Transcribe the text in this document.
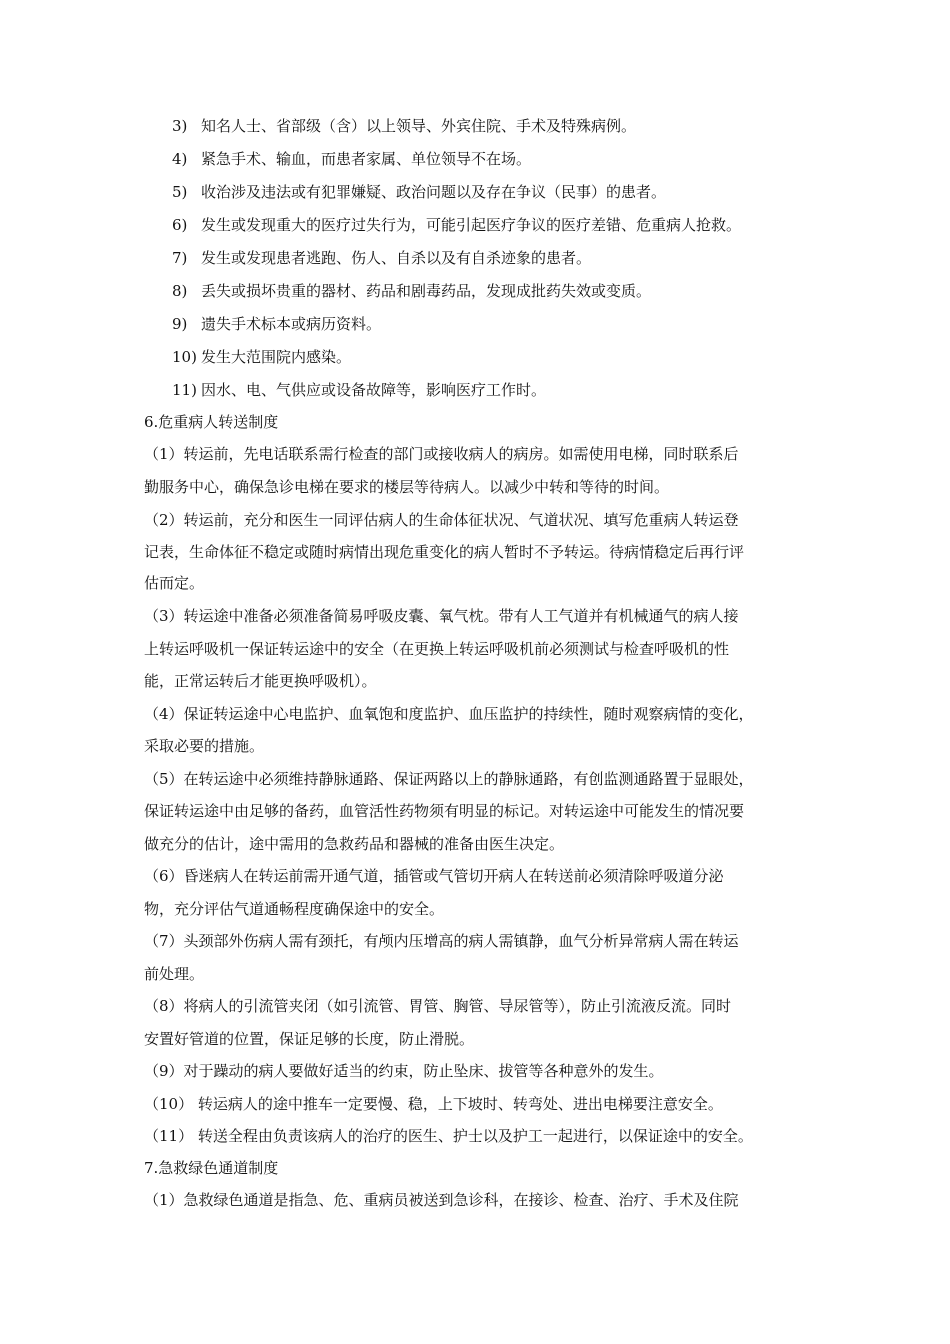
3) 知名人士、省部级（含）以上领导、外宾住院、手术及特殊病例。
4) 紧急手术、输血，而患者家属、单位领导不在场。
5) 收治涉及违法或有犯罪嫌疑、政治问题以及存在争议（民事）的患者。
6) 发生或发现重大的医疗过失行为，可能引起医疗争议的医疗差错、危重病人抢救。
7) 发生或发现患者逃跑、伤人、自杀以及有自杀迹象的患者。
8) 丢失或损坏贵重的器材、药品和剧毒药品，发现成批药失效或变质。
9) 遗失手术标本或病历资料。
10) 发生大范围院内感染。
11) 因水、电、气供应或设备故障等，影响医疗工作时。
6.危重病人转送制度
（1）转运前，先电话联系需行检查的部门或接收病人的病房。如需使用电梯，同时联系后
勤服务中心，确保急诊电梯在要求的楼层等待病人。以减少中转和等待的时间。
（2）转运前，充分和医生一同评估病人的生命体征状况、气道状况、填写危重病人转运登
记表，生命体征不稳定或随时病情出现危重变化的病人暂时不予转运。待病情稳定后再行评
估而定。
（3）转运途中准备必须准备简易呼吸皮囊、氧气枕。带有人工气道并有机械通气的病人接
上转运呼吸机一保证转运途中的安全（在更换上转运呼吸机前必须测试与检查呼吸机的性
能，正常运转后才能更换呼吸机）。
（4）保证转运途中心电监护、血氧饱和度监护、血压监护的持续性，随时观察病情的变化，
采取必要的措施。
（5）在转运途中必须维持静脉通路、保证两路以上的静脉通路，有创监测通路置于显眼处，
保证转运途中由足够的备药，血管活性药物须有明显的标记。对转运途中可能发生的情况要
做充分的估计，途中需用的急救药品和器械的准备由医生决定。
（6）昏迷病人在转运前需开通气道，插管或气管切开病人在转送前必须清除呼吸道分泌
物，充分评估气道通畅程度确保途中的安全。
（7）头颈部外伤病人需有颈托，有颅内压增高的病人需镇静，血气分析异常病人需在转运
前处理。
（8）将病人的引流管夹闭（如引流管、胃管、胸管、导尿管等），防止引流液反流。同时
安置好管道的位置，保证足够的长度，防止滑脱。
（9）对于躁动的病人要做好适当的约束，防止坠床、拔管等各种意外的发生。
（10） 转运病人的途中推车一定要慢、稳，上下坡时、转弯处、进出电梯要注意安全。
（11） 转送全程由负责该病人的治疗的医生、护士以及护工一起进行，以保证途中的安全。
7.急救绿色通道制度
（1）急救绿色通道是指急、危、重病员被送到急诊科，在接诊、检查、治疗、手术及住院
